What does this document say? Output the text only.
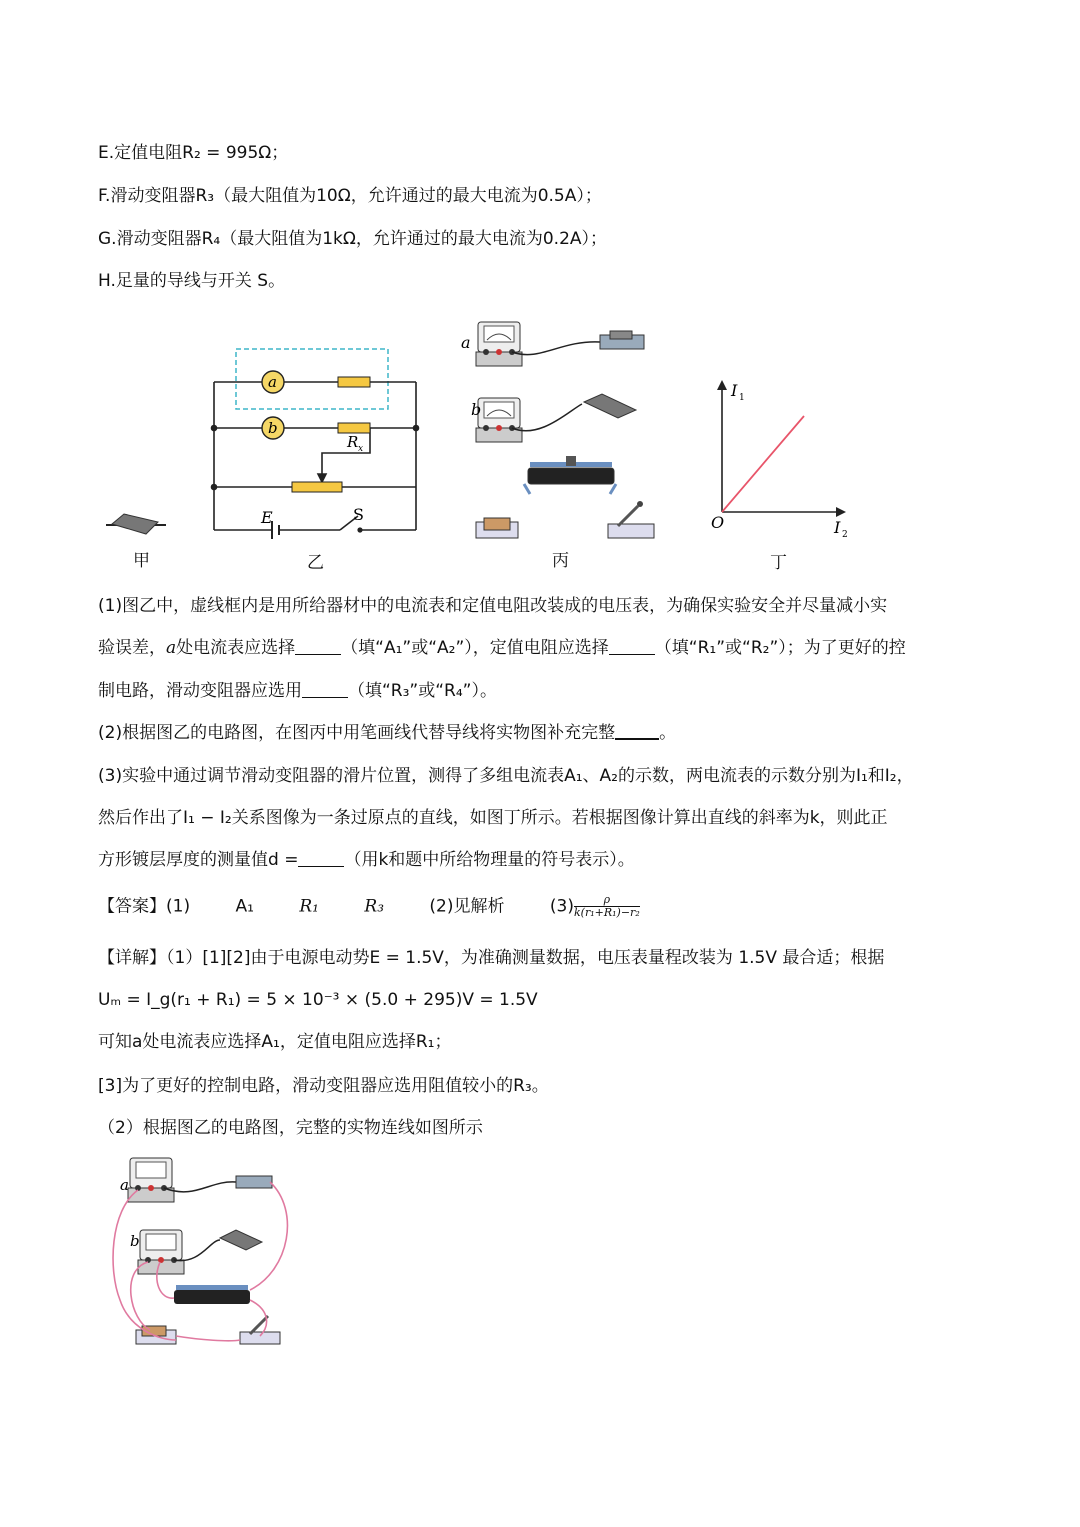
E.定值电阻R₂ = 995Ω；
F.滑动变阻器R₃（最大阻值为10Ω，允许通过的最大电流为0.5A）；
G.滑动变阻器R₄（最大阻值为1kΩ，允许通过的最大电流为0.2A）；
H.足量的导线与开关 S。
a
b
R x
E	S
a
b
I 1
I 2
O
甲	乙	丙	丁
(1)图乙中，虚线框内是用所给器材中的电流表和定值电阻改装成的电压表，为确保实验安全并尽量减小实
验误差，a处电流表应选择	（填“A₁”或“A₂”），定值电阻应选择	（填“R₁”或“R₂”）；为了更好的控
制电路，滑动变阻器应选用	（填“R₃”或“R₄”）。
(2)根据图乙的电路图，在图丙中用笔画线代替导线将实物图补充完整	。
(3)实验中通过调节滑动变阻器的滑片位置，测得了多组电流表A₁、A₂的示数，两电流表的示数分别为I₁和I₂，
然后作出了I₁ − I₂关系图像为一条过原点的直线，如图丁所示。若根据图像计算出直线的斜率为k，则此正
方形镀层厚度的测量值d =	（用k和题中所给物理量的符号表示）。
【答案】(1)	A₁	R₁	R₃	(2)见解析	$(3) \frac{\rho}{\text{k(r₁+R₁)−r₂}}$
【详解】（1）[1][2]由于电源电动势E = 1.5V，为准确测量数据，电压表量程改装为 1.5V 最合适；根据
Uₘ = I_g(r₁ + R₁) = 5 × 10⁻³ × (5.0 + 295)V = 1.5V
可知a处电流表应选择A₁，定值电阻应选择R₁；
[3]为了更好的控制电路，滑动变阻器应选用阻值较小的R₃。
（2）根据图乙的电路图，完整的实物连线如图所示
a
b
